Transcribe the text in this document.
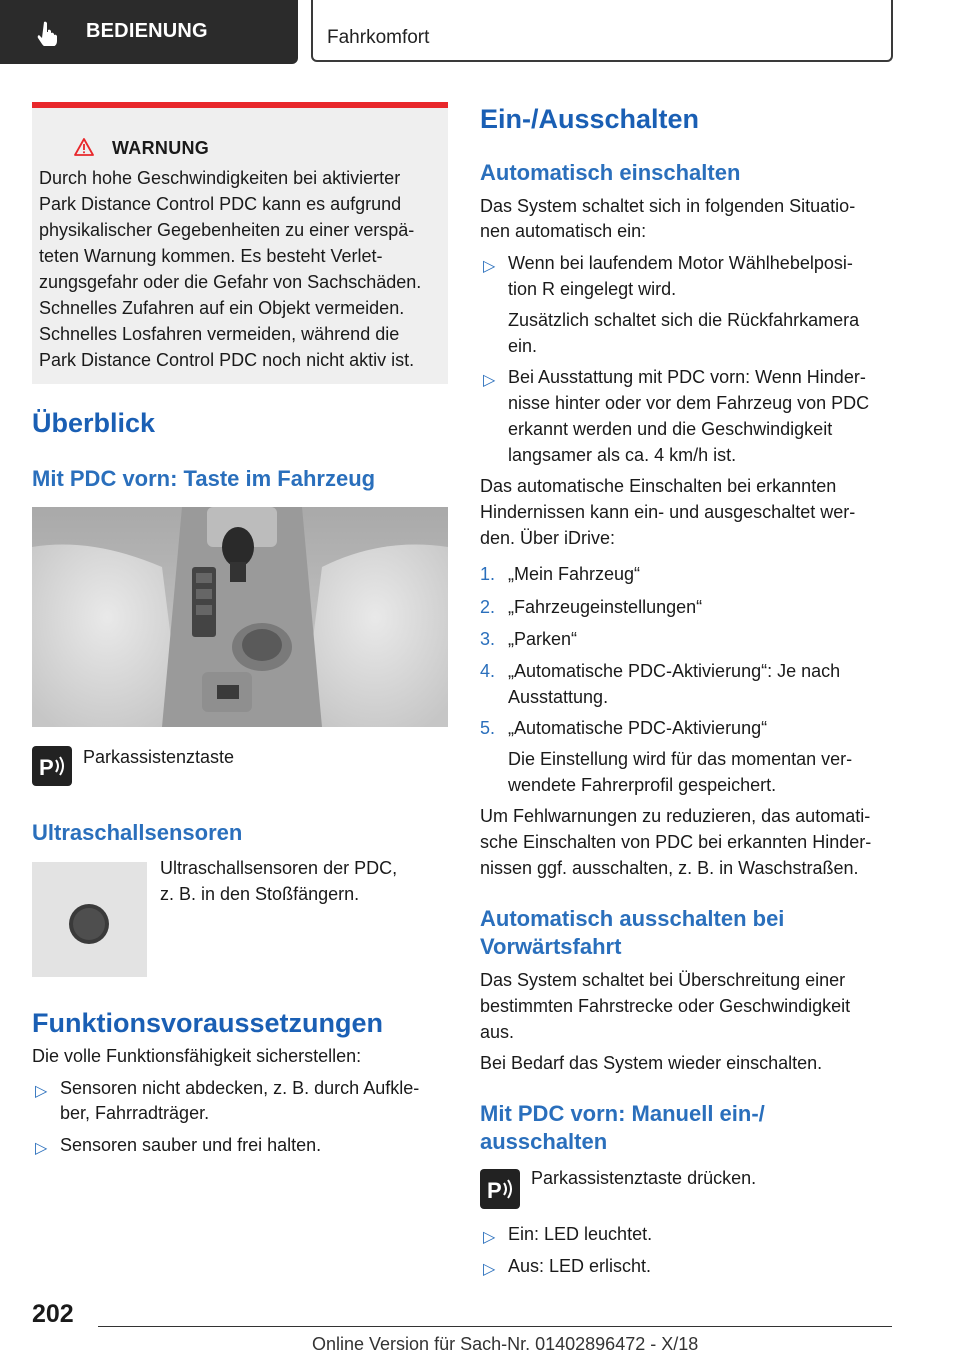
BEDIENUNG	Fahrkomfort
WARNUNG
Durch hohe Geschwindigkeiten bei aktivierter
Park Distance Control PDC kann es aufgrund
physikalischer Gegebenheiten zu einer verspä-
teten Warnung kommen. Es besteht Verlet-
zungsgefahr oder die Gefahr von Sachschäden.
Schnelles Zufahren auf ein Objekt vermeiden.
Schnelles Losfahren vermeiden, während die
Park Distance Control PDC noch nicht aktiv ist.
Überblick
Mit PDC vorn: Taste im Fahrzeug
P Parkassistenztaste
Ultraschallsensoren
Ultraschallsensoren der PDC,
z. B. in den Stoßfängern.
Funktionsvoraussetzungen
Die volle Funktionsfähigkeit sicherstellen:
▷ Sensoren nicht abdecken, z. B. durch Aufkle-
ber, Fahrradträger.
▷ Sensoren sauber und frei halten.
Ein-/Ausschalten
Automatisch einschalten
Das System schaltet sich in folgenden Situatio-
nen automatisch ein:
▷ Wenn bei laufendem Motor Wählhebelposi-
tion R eingelegt wird.
Zusätzlich schaltet sich die Rückfahrkamera
ein.
▷ Bei Ausstattung mit PDC vorn: Wenn Hinder-
nisse hinter oder vor dem Fahrzeug von PDC
erkannt werden und die Geschwindigkeit
langsamer als ca. 4 km/h ist.
Das automatische Einschalten bei erkannten
Hindernissen kann ein- und ausgeschaltet wer-
den. Über iDrive:
1. „Mein Fahrzeug“
2. „Fahrzeugeinstellungen“
3. „Parken“
4. „Automatische PDC-Aktivierung“: Je nach
Ausstattung.
5. „Automatische PDC-Aktivierung“
Die Einstellung wird für das momentan ver-
wendete Fahrerprofil gespeichert.
Um Fehlwarnungen zu reduzieren, das automati-
sche Einschalten von PDC bei erkannten Hinder-
nissen ggf. ausschalten, z. B. in Waschstraßen.
Automatisch ausschalten bei
Vorwärtsfahrt
Das System schaltet bei Überschreitung einer
bestimmten Fahrstrecke oder Geschwindigkeit
aus.
Bei Bedarf das System wieder einschalten.
Mit PDC vorn: Manuell ein-/
ausschalten
P Parkassistenztaste drücken.
▷ Ein: LED leuchtet.
▷ Aus: LED erlischt.
202
Online Version für Sach-Nr. 01402896472 - X/18
